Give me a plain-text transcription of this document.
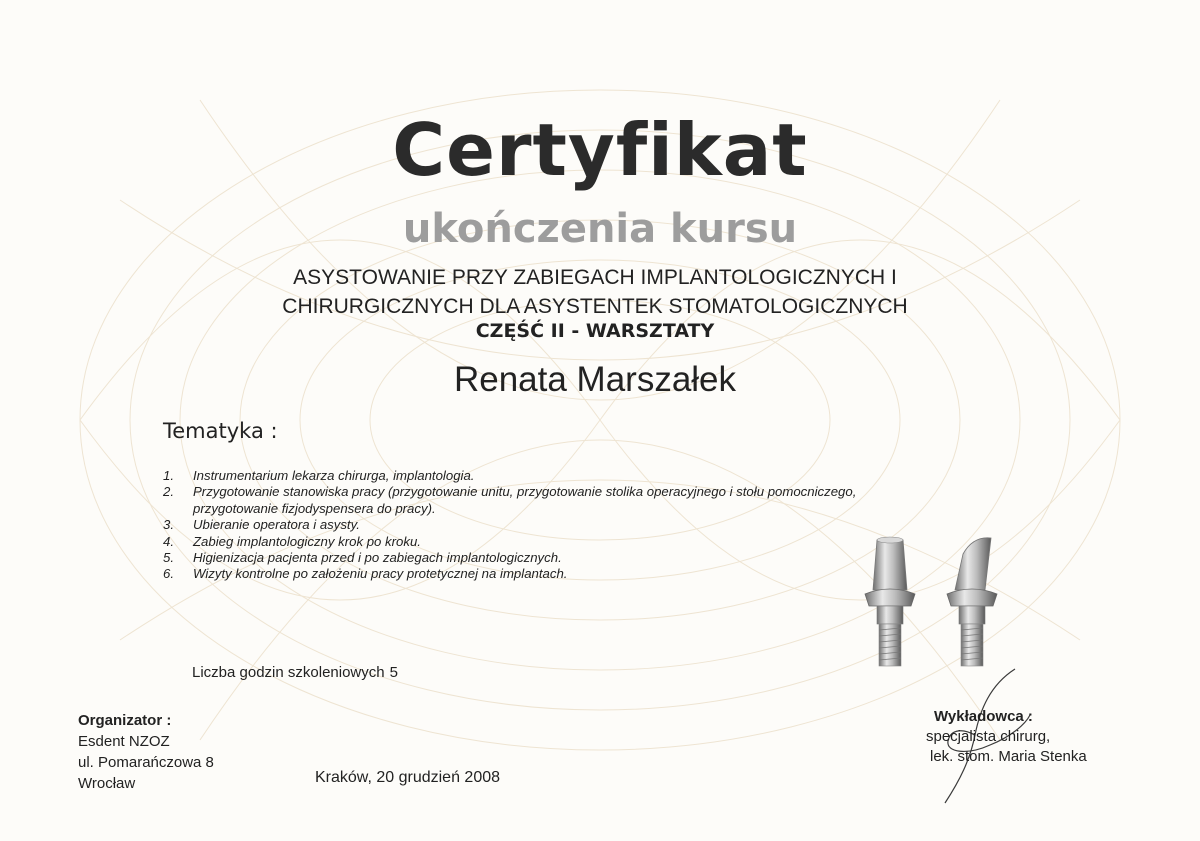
Certyfikat
ukończenia kursu
ASYSTOWANIE PRZY ZABIEGACH IMPLANTOLOGICZNYCH I
CHIRURGICZNYCH DLA ASYSTENTEK STOMATOLOGICZNYCH
CZĘŚĆ II - WARSZTATY
Renata Marszałek
Tematyka :
1.	Instrumentarium lekarza chirurga, implantologia.
2.	Przygotowanie stanowiska pracy (przygotowanie unitu, przygotowanie stolika operacyjnego i stołu pomocniczego,
przygotowanie fizjodyspensera do pracy).
3.	Ubieranie operatora i asysty.
4.	Zabieg implantologiczny krok po kroku.
5.	Higienizacja pacjenta przed i po zabiegach implantologicznych.
6.	Wizyty kontrolne po założeniu pracy protetycznej na implantach.
Liczba godzin szkoleniowych 5
Organizator :
Esdent NZOZ
ul. Pomarańczowa 8
Wrocław	Kraków, 20 grudzień 2008
Wykładowca :
specjalista chirurg,
lek. stom. Maria Stenka
